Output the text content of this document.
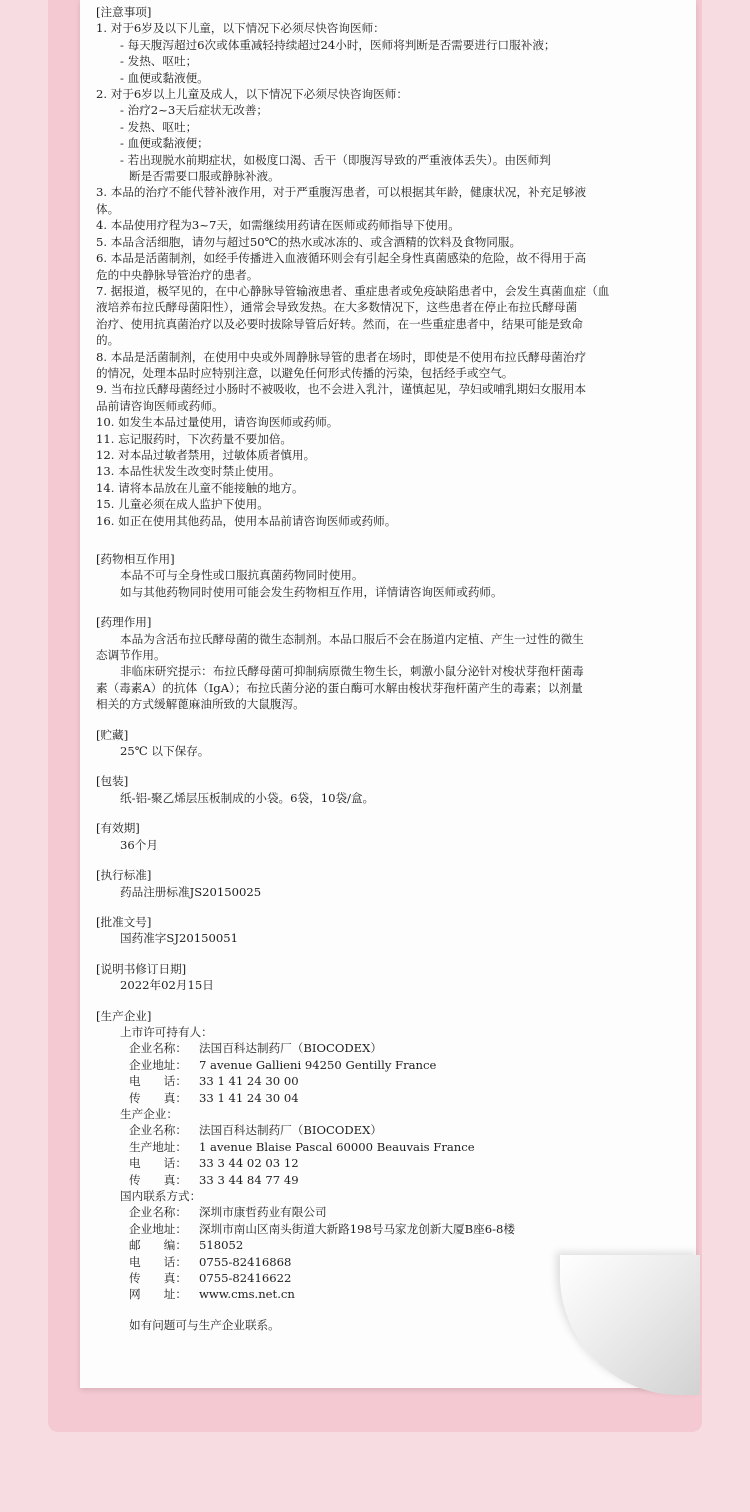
[注意事项]

1. 对于6岁及以下儿童，以下情况下必须尽快咨询医师：

- 每天腹泻超过6次或体重减轻持续超过24小时，医师将判断是否需要进行口服补液；

- 发热、呕吐；

- 血便或黏液便。

2. 对于6岁以上儿童及成人，以下情况下必须尽快咨询医师：

- 治疗2~3天后症状无改善；

- 发热、呕吐；

- 血便或黏液便；

- 若出现脱水前期症状，如极度口渴、舌干（即腹泻导致的严重液体丢失）。由医师判

断是否需要口服或静脉补液。

3. 本品的治疗不能代替补液作用，对于严重腹泻患者，可以根据其年龄，健康状况，补充足够液

体。

4. 本品使用疗程为3~7天，如需继续用药请在医师或药师指导下使用。

5. 本品含活细胞，请勿与超过50℃的热水或冰冻的、或含酒精的饮料及食物同服。

6. 本品是活菌制剂，如经手传播进入血液循环则会有引起全身性真菌感染的危险，故不得用于高

危的中央静脉导管治疗的患者。

7. 据报道，极罕见的，在中心静脉导管输液患者、重症患者或免疫缺陷患者中，会发生真菌血症（血

液培养布拉氏酵母菌阳性），通常会导致发热。在大多数情况下，这些患者在停止布拉氏酵母菌

治疗、使用抗真菌治疗以及必要时拔除导管后好转。然而，在一些重症患者中，结果可能是致命

的。

8. 本品是活菌制剂，在使用中央或外周静脉导管的患者在场时，即使是不使用布拉氏酵母菌治疗

的情况，处理本品时应特别注意，以避免任何形式传播的污染，包括经手或空气。

9. 当布拉氏酵母菌经过小肠时不被吸收，也不会进入乳汁，谨慎起见，孕妇或哺乳期妇女服用本

品前请咨询医师或药师。

10. 如发生本品过量使用，请咨询医师或药师。

11. 忘记服药时，下次药量不要加倍。

12. 对本品过敏者禁用，过敏体质者慎用。

13. 本品性状发生改变时禁止使用。

14. 请将本品放在儿童不能接触的地方。

15. 儿童必须在成人监护下使用。

16. 如正在使用其他药品，使用本品前请咨询医师或药师。

[药物相互作用]

本品不可与全身性或口服抗真菌药物同时使用。

如与其他药物同时使用可能会发生药物相互作用，详情请咨询医师或药师。

[药理作用]

本品为含活布拉氏酵母菌的微生态制剂。本品口服后不会在肠道内定植、产生一过性的微生

态调节作用。

非临床研究提示：布拉氏酵母菌可抑制病原微生物生长，刺激小鼠分泌针对梭状芽孢杆菌毒

素（毒素A）的抗体（IgA）；布拉氏菌分泌的蛋白酶可水解由梭状芽孢杆菌产生的毒素；以剂量

相关的方式缓解蓖麻油所致的大鼠腹泻。

[贮藏]

25℃ 以下保存。

[包装]

纸-铝-聚乙烯层压板制成的小袋。6袋，10袋/盒。

[有效期]

36个月

[执行标准]

药品注册标准JS20150025

[批准文号]

国药准字SJ20150051

[说明书修订日期]

2022年02月15日

[生产企业]

上市许可持有人：

企业名称： 法国百科达制药厂（BIOCODEX）

企业地址： 7 avenue Gallieni 94250 Gentilly France

电　　话： 33 1 41 24 30 00

传　　真： 33 1 41 24 30 04

生产企业：

企业名称： 法国百科达制药厂（BIOCODEX）

生产地址： 1 avenue Blaise Pascal 60000 Beauvais France

电　　话： 33 3 44 02 03 12

传　　真： 33 3 44 84 77 49

国内联系方式：

企业名称： 深圳市康哲药业有限公司

企业地址： 深圳市南山区南头街道大新路198号马家龙创新大厦B座6-8楼

邮　　编： 518052

电　　话： 0755-82416868

传　　真： 0755-82416622

网　　址： www.cms.net.cn

如有问题可与生产企业联系。
